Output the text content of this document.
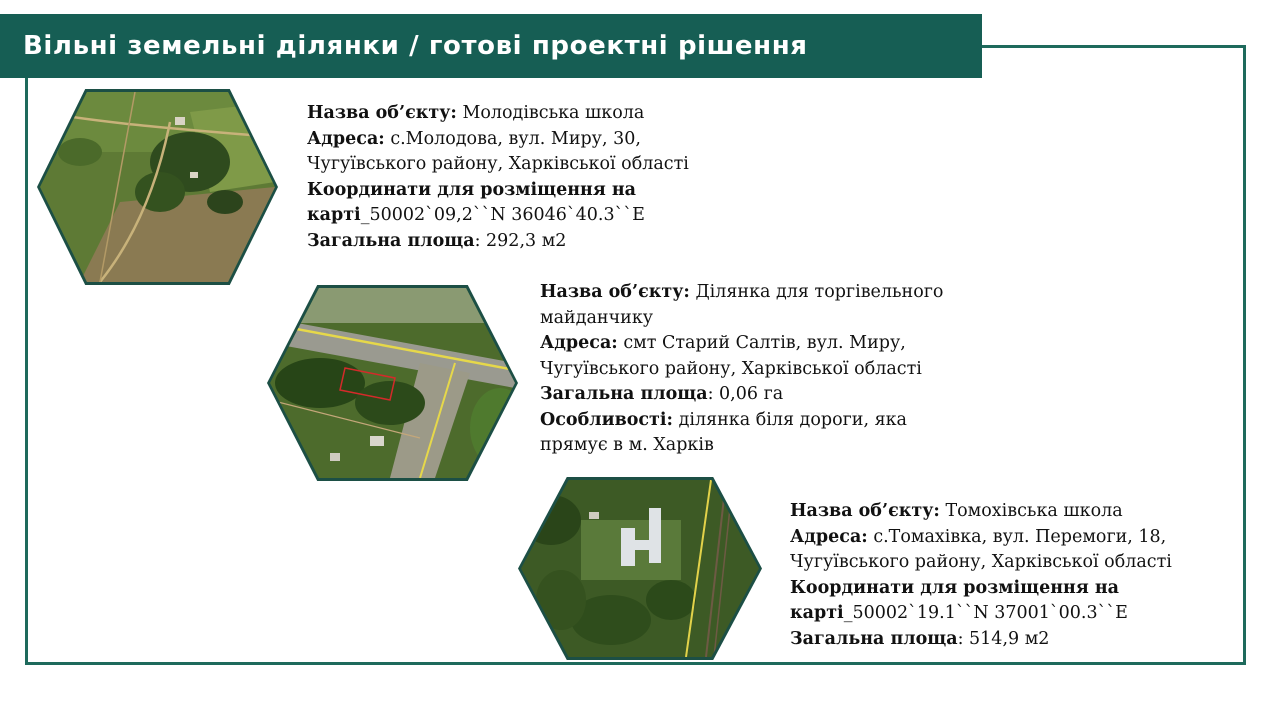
Вільні земельні ділянки / готові проектні рішення
Назва об’єкту: Молодівська школа
Адреса: с.Молодова, вул. Миру, 30,
Чугуївського району, Харківської області
Координати для розміщення на
карті_50002`09,2``N 36046`40.3``E
Загальна площа: 292,3 м2
Назва об’єкту: Ділянка для торгівельного
майданчику
Адреса: смт Старий Салтів, вул. Миру,
Чугуївського району, Харківської області
Загальна площа: 0,06 га
Особливості: ділянка біля дороги, яка
прямує в м. Харків
Назва об’єкту: Томохівська школа
Адреса: с.Томахівка, вул. Перемоги, 18,
Чугуївського району, Харківської області
Координати для розміщення на
карті_50002`19.1``N 37001`00.3``E
Загальна площа: 514,9 м2
